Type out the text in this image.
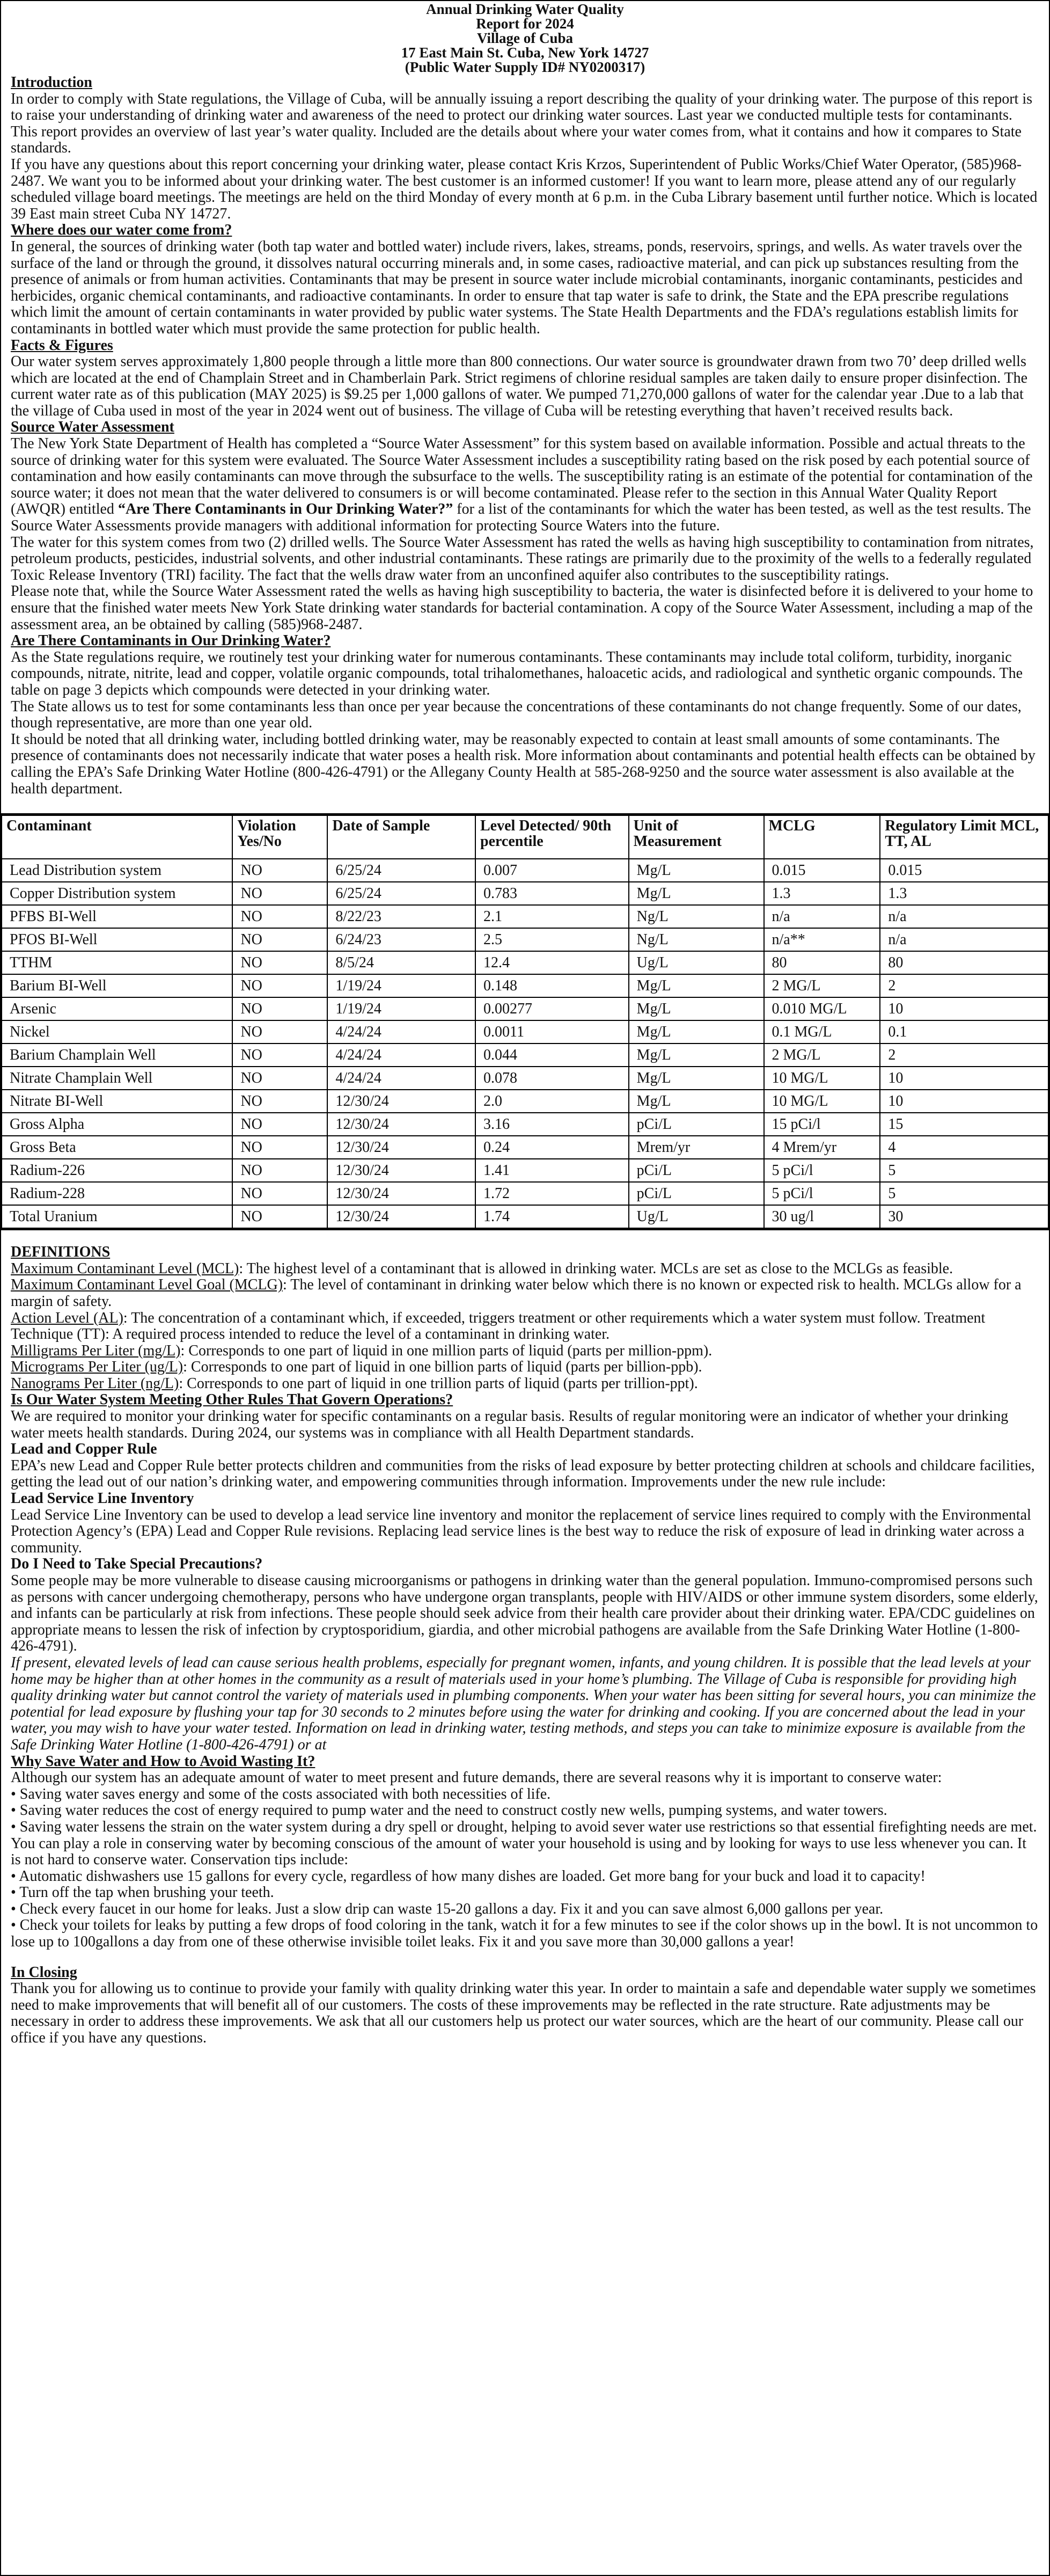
Annual Drinking Water Quality
Report for 2024
Village of Cuba
17 East Main St. Cuba, New York 14727
(Public Water Supply ID# NY0200317)
Introduction

In order to comply with State regulations, the Village of Cuba, will be annually issuing a report describing the quality of your drinking water. The purpose of this report is to raise your understanding of drinking water and awareness of the need to protect our drinking water sources. Last year we conducted multiple tests for contaminants. This report provides an overview of last year’s water quality. Included are the details about where your water comes from, what it contains and how it compares to State standards.

If you have any questions about this report concerning your drinking water, please contact Kris Krzos, Superintendent of Public Works/Chief Water Operator, (585)968-2487. We want you to be informed about your drinking water. The best customer is an informed customer! If you want to learn more, please attend any of our regularly scheduled village board meetings. The meetings are held on the third Monday of every month at 6 p.m. in the Cuba Library basement until further notice. Which is located 39 East main street Cuba NY 14727.

Where does our water come from?

In general, the sources of drinking water (both tap water and bottled water) include rivers, lakes, streams, ponds, reservoirs, springs, and wells. As water travels over the surface of the land or through the ground, it dissolves natural occurring minerals and, in some cases, radioactive material, and can pick up substances resulting from the presence of animals or from human activities. Contaminants that may be present in source water include microbial contaminants, inorganic contaminants, pesticides and herbicides, organic chemical contaminants, and radioactive contaminants. In order to ensure that tap water is safe to drink, the State and the EPA prescribe regulations which limit the amount of certain contaminants in water provided by public water systems. The State Health Departments and the FDA’s regulations establish limits for contaminants in bottled water which must provide the same protection for public health.

Facts & Figures

Our water system serves approximately 1,800 people through a little more than 800 connections. Our water source is groundwater drawn from two 70’ deep drilled wells which are located at the end of Champlain Street and in Chamberlain Park. Strict regimens of chlorine residual samples are taken daily to ensure proper disinfection. The current water rate as of this publication (MAY 2025) is $9.25 per 1,000 gallons of water. We pumped 71,270,000 gallons of water for the calendar year .Due to a lab that the village of Cuba used in most of the year in 2024 went out of business. The village of Cuba will be retesting everything that haven’t received results back.

Source Water Assessment

The New York State Department of Health has completed a “Source Water Assessment” for this system based on available information. Possible and actual threats to the source of drinking water for this system were evaluated. The Source Water Assessment includes a susceptibility rating based on the risk posed by each potential source of contamination and how easily contaminants can move through the subsurface to the wells. The susceptibility rating is an estimate of the potential for contamination of the source water; it does not mean that the water delivered to consumers is or will become contaminated. Please refer to the section in this Annual Water Quality Report (AWQR) entitled “Are There Contaminants in Our Drinking Water?” for a list of the contaminants for which the water has been tested, as well as the test results. The Source Water Assessments provide managers with additional information for protecting Source Waters into the future.

The water for this system comes from two (2) drilled wells. The Source Water Assessment has rated the wells as having high susceptibility to contamination from nitrates, petroleum products, pesticides, industrial solvents, and other industrial contaminants. These ratings are primarily due to the proximity of the wells to a federally regulated Toxic Release Inventory (TRI) facility. The fact that the wells draw water from an unconfined aquifer also contributes to the susceptibility ratings.

Please note that, while the Source Water Assessment rated the wells as having high susceptibility to bacteria, the water is disinfected before it is delivered to your home to ensure that the finished water meets New York State drinking water standards for bacterial contamination. A copy of the Source Water Assessment, including a map of the assessment area, an be obtained by calling (585)968-2487.

Are There Contaminants in Our Drinking Water?

As the State regulations require, we routinely test your drinking water for numerous contaminants. These contaminants may include total coliform, turbidity, inorganic compounds, nitrate, nitrite, lead and copper, volatile organic compounds, total trihalomethanes, haloacetic acids, and radiological and synthetic organic compounds. The table on page 3 depicts which compounds were detected in your drinking water.

The State allows us to test for some contaminants less than once per year because the concentrations of these contaminants do not change frequently. Some of our dates, though representative, are more than one year old.

It should be noted that all drinking water, including bottled drinking water, may be reasonably expected to contain at least small amounts of some contaminants. The presence of contaminants does not necessarily indicate that water poses a health risk. More information about contaminants and potential health effects can be obtained by calling the EPA’s Safe Drinking Water Hotline (800-426-4791) or the Allegany County Health at 585-268-9250 and the source water assessment is also available at the health department.

Contaminant	Violation Yes/No	Date of Sample	Level Detected/ 90th percentile	Unit of Measurement	MCLG	Regulatory Limit MCL, TT, AL
Lead Distribution system	NO	6/25/24	0.007	Mg/L	0.015	0.015
Copper Distribution system	NO	6/25/24	0.783	Mg/L	1.3	1.3
PFBS BI-Well	NO	8/22/23	2.1	Ng/L	n/a	n/a
PFOS BI-Well	NO	6/24/23	2.5	Ng/L	n/a**	n/a
TTHM	NO	8/5/24	12.4	Ug/L	80	80
Barium BI-Well	NO	1/19/24	0.148	Mg/L	2 MG/L	2
Arsenic	NO	1/19/24	0.00277	Mg/L	0.010 MG/L	10
Nickel	NO	4/24/24	0.0011	Mg/L	0.1 MG/L	0.1
Barium Champlain Well	NO	4/24/24	0.044	Mg/L	2 MG/L	2
Nitrate Champlain Well	NO	4/24/24	0.078	Mg/L	10 MG/L	10
Nitrate BI-Well	NO	12/30/24	2.0	Mg/L	10 MG/L	10
Gross Alpha	NO	12/30/24	3.16	pCi/L	15 pCi/l	15
Gross Beta	NO	12/30/24	0.24	Mrem/yr	4 Mrem/yr	4
Radium-226	NO	12/30/24	1.41	pCi/L	5 pCi/l	5
Radium-228	NO	12/30/24	1.72	pCi/L	5 pCi/l	5
Total Uranium	NO	12/30/24	1.74	Ug/L	30 ug/l	30
DEFINITIONS

Maximum Contaminant Level (MCL): The highest level of a contaminant that is allowed in drinking water. MCLs are set as close to the MCLGs as feasible.

Maximum Contaminant Level Goal (MCLG): The level of contaminant in drinking water below which there is no known or expected risk to health. MCLGs allow for a margin of safety.

Action Level (AL): The concentration of a contaminant which, if exceeded, triggers treatment or other requirements which a water system must follow. Treatment Technique (TT): A required process intended to reduce the level of a contaminant in drinking water.

Milligrams Per Liter (mg/L): Corresponds to one part of liquid in one million parts of liquid (parts per million-ppm).

Micrograms Per Liter (ug/L): Corresponds to one part of liquid in one billion parts of liquid (parts per billion-ppb).

Nanograms Per Liter (ng/L): Corresponds to one part of liquid in one trillion parts of liquid (parts per trillion-ppt).

Is Our Water System Meeting Other Rules That Govern Operations?

We are required to monitor your drinking water for specific contaminants on a regular basis. Results of regular monitoring were an indicator of whether your drinking water meets health standards. During 2024, our systems was in compliance with all Health Department standards.

Lead and Copper Rule

EPA’s new Lead and Copper Rule better protects children and communities from the risks of lead exposure by better protecting children at schools and childcare facilities, getting the lead out of our nation’s drinking water, and empowering communities through information. Improvements under the new rule include:

Lead Service Line Inventory

Lead Service Line Inventory can be used to develop a lead service line inventory and monitor the replacement of service lines required to comply with the Environmental Protection Agency’s (EPA) Lead and Copper Rule revisions. Replacing lead service lines is the best way to reduce the risk of exposure of lead in drinking water across a community.

Do I Need to Take Special Precautions?

Some people may be more vulnerable to disease causing microorganisms or pathogens in drinking water than the general population. Immuno-compromised persons such as persons with cancer undergoing chemotherapy, persons who have undergone organ transplants, people with HIV/AIDS or other immune system disorders, some elderly, and infants can be particularly at risk from infections. These people should seek advice from their health care provider about their drinking water. EPA/CDC guidelines on appropriate means to lessen the risk of infection by cryptosporidium, giardia, and other microbial pathogens are available from the Safe Drinking Water Hotline (1-800-426-4791).

If present, elevated levels of lead can cause serious health problems, especially for pregnant women, infants, and young children. It is possible that the lead levels at your home may be higher than at other homes in the community as a result of materials used in your home’s plumbing. The Village of Cuba is responsible for providing high quality drinking water but cannot control the variety of materials used in plumbing components. When your water has been sitting for several hours, you can minimize the potential for lead exposure by flushing your tap for 30 seconds to 2 minutes before using the water for drinking and cooking. If you are concerned about the lead in your water, you may wish to have your water tested. Information on lead in drinking water, testing methods, and steps you can take to minimize exposure is available from the Safe Drinking Water Hotline (1-800-426-4791) or at

Why Save Water and How to Avoid Wasting It?

Although our system has an adequate amount of water to meet present and future demands, there are several reasons why it is important to conserve water:

• Saving water saves energy and some of the costs associated with both necessities of life.

• Saving water reduces the cost of energy required to pump water and the need to construct costly new wells, pumping systems, and water towers.

• Saving water lessens the strain on the water system during a dry spell or drought, helping to avoid sever water use restrictions so that essential firefighting needs are met.

You can play a role in conserving water by becoming conscious of the amount of water your household is using and by looking for ways to use less whenever you can. It is not hard to conserve water. Conservation tips include:

• Automatic dishwashers use 15 gallons for every cycle, regardless of how many dishes are loaded. Get more bang for your buck and load it to capacity!

• Turn off the tap when brushing your teeth.

• Check every faucet in our home for leaks. Just a slow drip can waste 15-20 gallons a day. Fix it and you can save almost 6,000 gallons per year.

• Check your toilets for leaks by putting a few drops of food coloring in the tank, watch it for a few minutes to see if the color shows up in the bowl. It is not uncommon to lose up to 100gallons a day from one of these otherwise invisible toilet leaks. Fix it and you save more than 30,000 gallons a year!

In Closing

Thank you for allowing us to continue to provide your family with quality drinking water this year. In order to maintain a safe and dependable water supply we sometimes need to make improvements that will benefit all of our customers. The costs of these improvements may be reflected in the rate structure. Rate adjustments may be necessary in order to address these improvements. We ask that all our customers help us protect our water sources, which are the heart of our community. Please call our office if you have any questions.
